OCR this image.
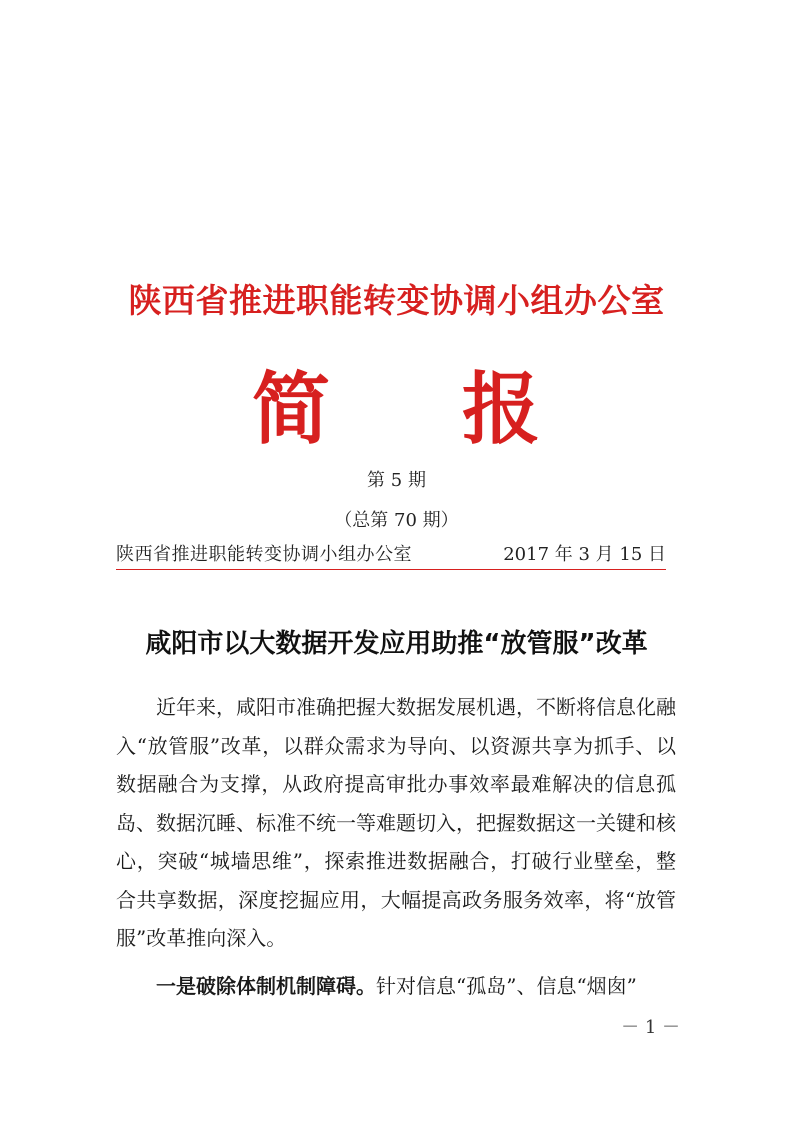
陕西省推进职能转变协调小组办公室
简 报
第 5 期
（总第 70 期）
陕西省推进职能转变协调小组办公室	2017 年 3 月 15 日
咸阳市以大数据开发应用助推“放管服”改革

近年来，咸阳市准确把握大数据发展机遇，不断将信息化融入“放管服”改革，以群众需求为导向、以资源共享为抓手、以数据融合为支撑，从政府提高审批办事效率最难解决的信息孤岛、数据沉睡、标准不统一等难题切入，把握数据这一关键和核心，突破“城墙思维”，探索推进数据融合，打破行业壁垒，整合共享数据，深度挖掘应用，大幅提高政务服务效率，将“放管服”改革推向深入。

一是破除体制机制障碍。针对信息“孤岛”、信息“烟囱”

－ 1 －
